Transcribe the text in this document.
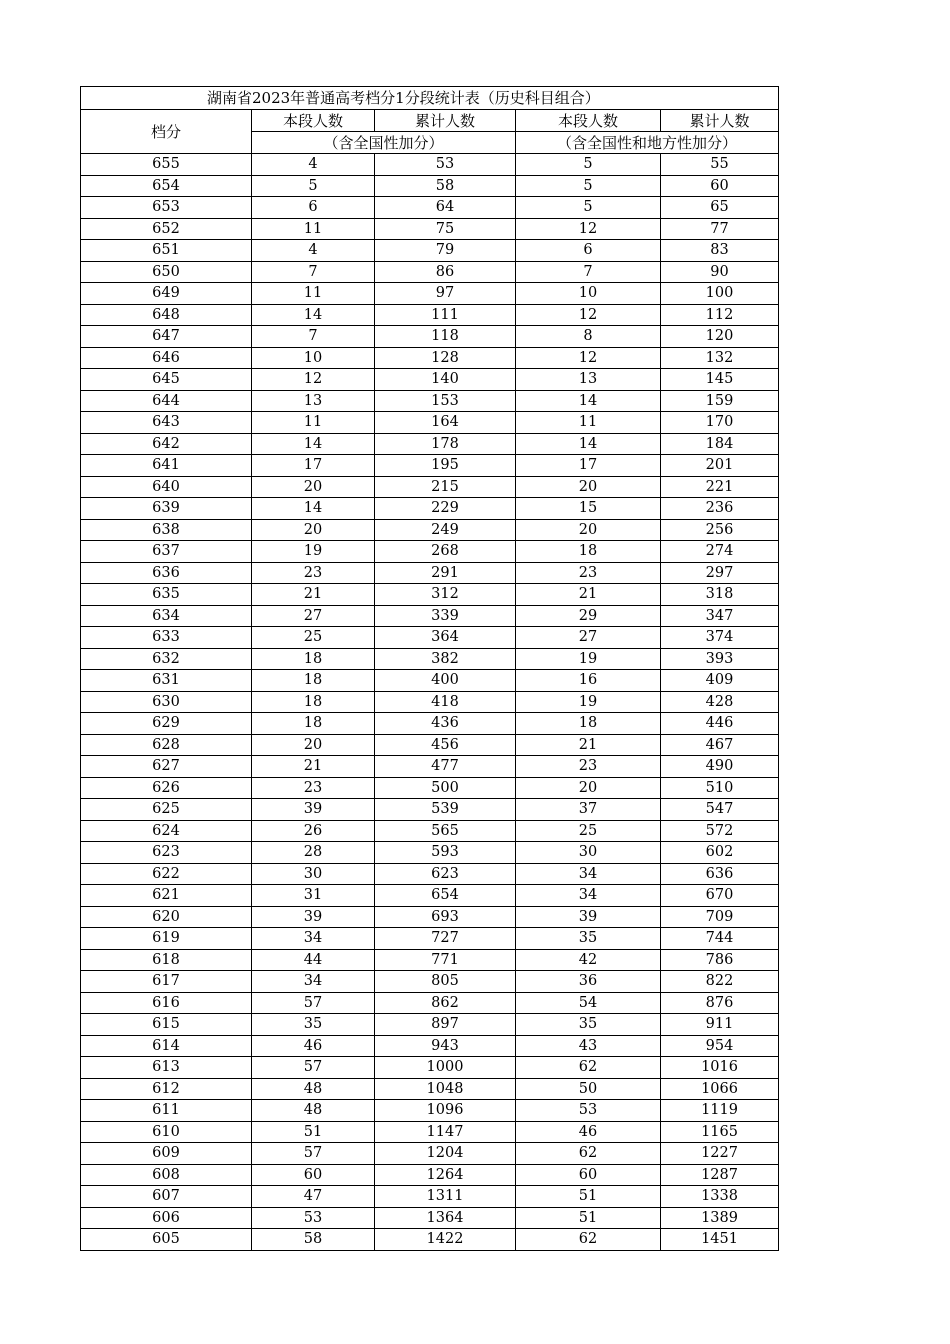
湖南省2023年普通高考档分1分段统计表（历史科目组合）				
档分	本段人数	累计人数	本段人数	累计人数
	（含全国性加分）		（含全国性和地方性加分）	
655	4	53	5	55
654	5	58	5	60
653	6	64	5	65
652	11	75	12	77
651	4	79	6	83
650	7	86	7	90
649	11	97	10	100
648	14	111	12	112
647	7	118	8	120
646	10	128	12	132
645	12	140	13	145
644	13	153	14	159
643	11	164	11	170
642	14	178	14	184
641	17	195	17	201
640	20	215	20	221
639	14	229	15	236
638	20	249	20	256
637	19	268	18	274
636	23	291	23	297
635	21	312	21	318
634	27	339	29	347
633	25	364	27	374
632	18	382	19	393
631	18	400	16	409
630	18	418	19	428
629	18	436	18	446
628	20	456	21	467
627	21	477	23	490
626	23	500	20	510
625	39	539	37	547
624	26	565	25	572
623	28	593	30	602
622	30	623	34	636
621	31	654	34	670
620	39	693	39	709
619	34	727	35	744
618	44	771	42	786
617	34	805	36	822
616	57	862	54	876
615	35	897	35	911
614	46	943	43	954
613	57	1000	62	1016
612	48	1048	50	1066
611	48	1096	53	1119
610	51	1147	46	1165
609	57	1204	62	1227
608	60	1264	60	1287
607	47	1311	51	1338
606	53	1364	51	1389
605	58	1422	62	1451
